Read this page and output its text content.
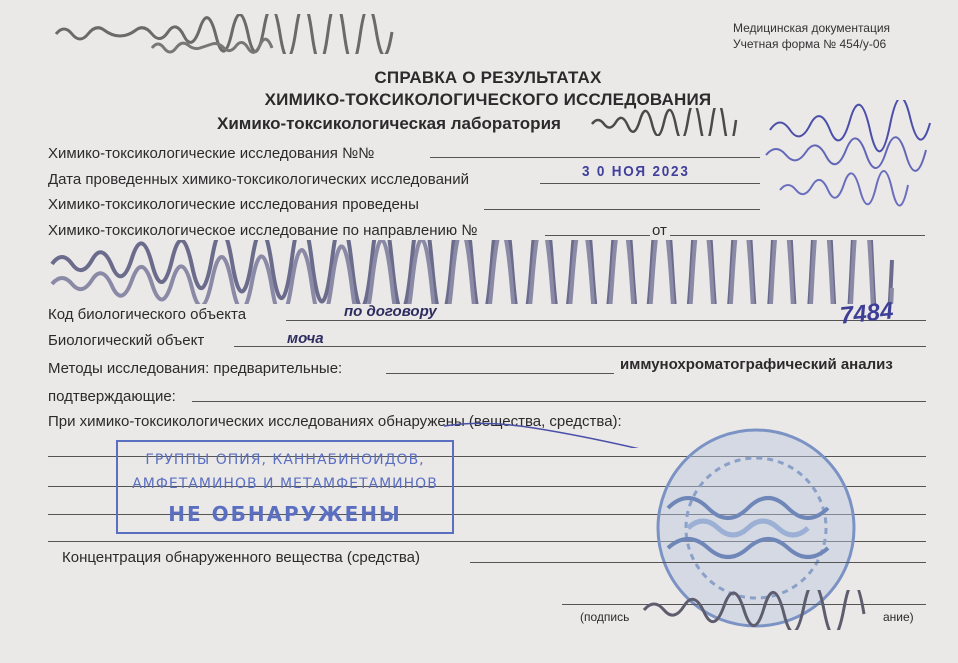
Медицинская документация
Учетная форма № 454/у-06
СПРАВКА О РЕЗУЛЬТАТАХ
ХИМИКО-ТОКСИКОЛОГИЧЕСКОГО ИССЛЕДОВАНИЯ
Химико-токсикологическая лаборатория
Химико-токсикологические исследования №№
Дата проведенных химико-токсикологических исследований	3 0 НОЯ 2023
Химико-токсикологические исследования проведены
Химико-токсикологическое исследование по направлению №	от
Код биологического объекта	по договору	7484
Биологический объект	моча
Методы исследования: предварительные:	иммунохроматографический анализ
подтверждающие:
При химико-токсикологических исследованиях обнаружены (вещества, средства):
ГРУППЫ ОПИЯ, КАННАБИНОИДОВ,
АМФЕТАМИНОВ И МЕТАМФЕТАМИНОВ
НЕ ОБНАРУЖЕНЫ
Концентрация обнаруженного вещества (средства)
(подпись	ание)
